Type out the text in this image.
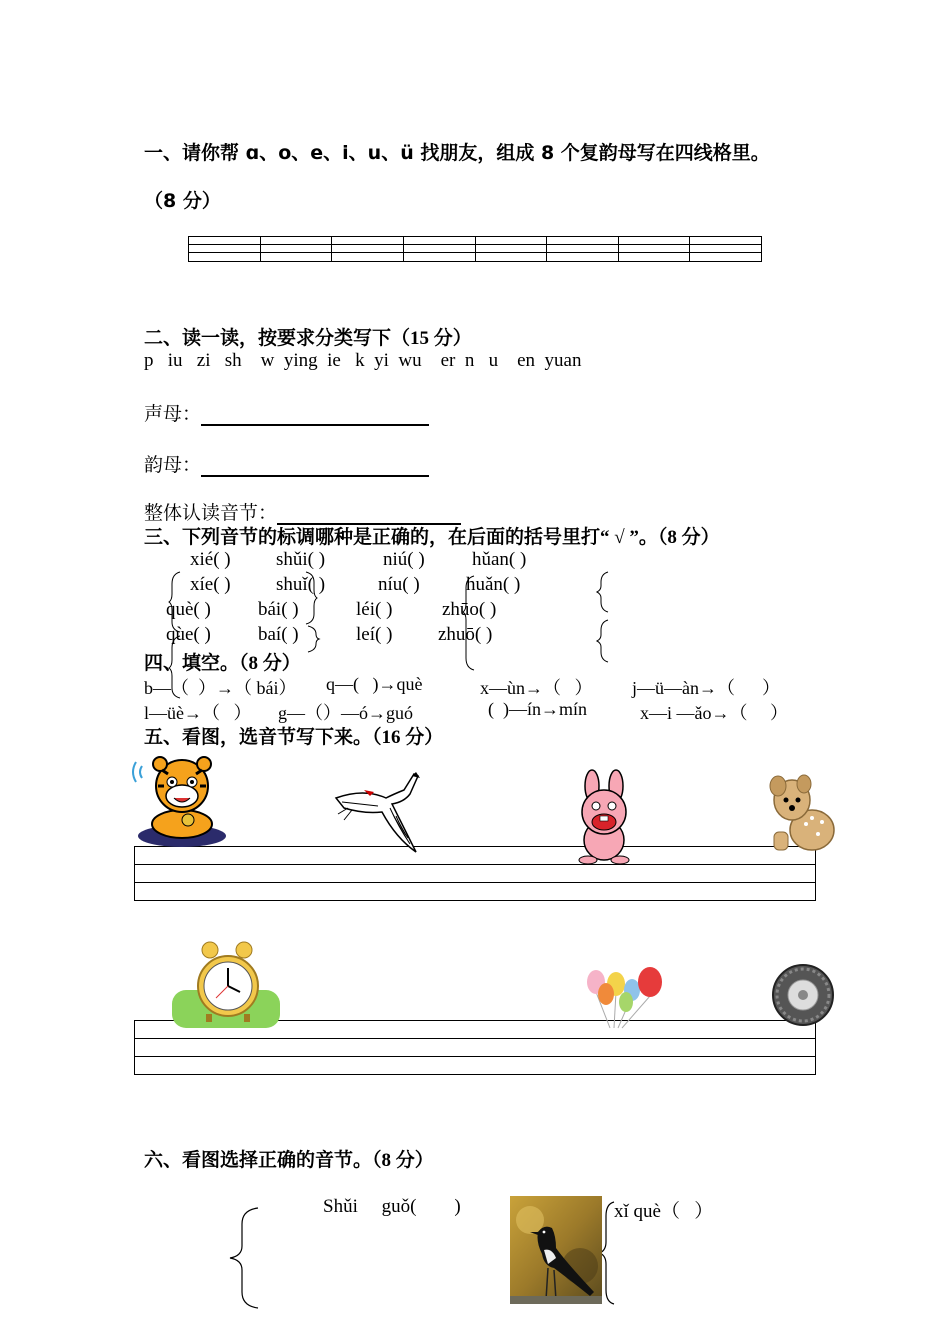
一、请你帮 ɑ、o、e、i、u、ü 找朋友，组成 8 个复韵母写在四线格里。
（8 分）
二、读一读，按要求分类写下（15 分）
p   iu   zi   sh    w  ying  ie   k  yi  wu    er  n   u    en  yuan
声母：
韵母：
整体认读音节：
三、下列音节的标调哪种是正确的，在后面的括号里打“ √ ”。（8 分）
xié( ) shǔi( )	niú( ) hǔan( )
xíe( ) shuǐ( )	níu( ) huǎn( )
què( ) bái( )	léi( )	zhūo( )
qùe( ) baí( )	leí( ) zhuō( )
四、填空。（8 分）
b—（  ）→（ bái） q—(   )→què	x—ùn→（   ） j—ü—àn→（      ）
l—üè→（   ） g—（）—ó→guó	(  )—ín→mín	x—i —ǎo→（     ）
五、看图，选音节写下来。（16 分）
六、看图选择正确的音节。（8 分）
Shǔi     guǒ(        )	xǐ què（   ）
